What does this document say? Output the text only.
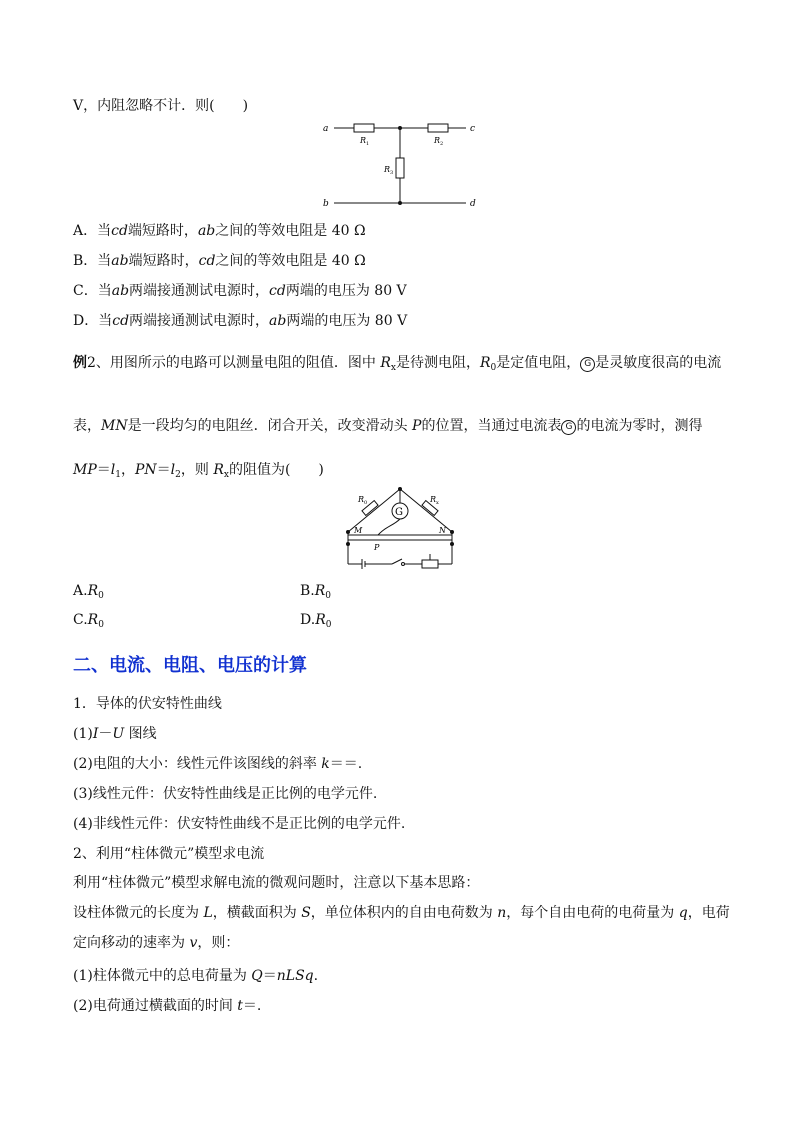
V，内阻忽略不计．则(　　)
a	c
b	d
R 1	R 2
R 3
A．当cd端短路时，ab之间的等效电阻是 40 Ω
B．当ab端短路时，cd之间的等效电阻是 40 Ω
C．当ab两端接通测试电源时，cd两端的电压为 80 V
D．当cd两端接通测试电源时，ab两端的电压为 80 V
例2、用图所示的电路可以测量电阻的阻值．图中 $R_x$是待测电阻，$R_0$是定值电阻， G 是灵敏度很高的电流
表，MN是一段均匀的电阻丝．闭合开关，改变滑动头 P的位置，当通过电流表 G 的电流为零时，测得
$MP=l_1$，$PN=l_2$，则 $R_x$的阻值为(　　)
G
R 0	R x
M	N
P
$A.R_0$	$B.R_0$
$C.R_0$	$D.R_0$
二、电流、电阻、电压的计算
1．导体的伏安特性曲线
(1)I－U 图线
(2)电阻的大小：线性元件该图线的斜率 k＝＝.
(3)线性元件：伏安特性曲线是正比例的电学元件.
(4)非线性元件：伏安特性曲线不是正比例的电学元件.
2、利用“柱体微元”模型求电流
利用“柱体微元”模型求解电流的微观问题时，注意以下基本思路：
设柱体微元的长度为 L，横截面积为 S，单位体积内的自由电荷数为 n，每个自由电荷的电荷量为 q，电荷
定向移动的速率为 v，则：
(1)柱体微元中的总电荷量为 Q＝nLSq.
(2)电荷通过横截面的时间 t＝.
